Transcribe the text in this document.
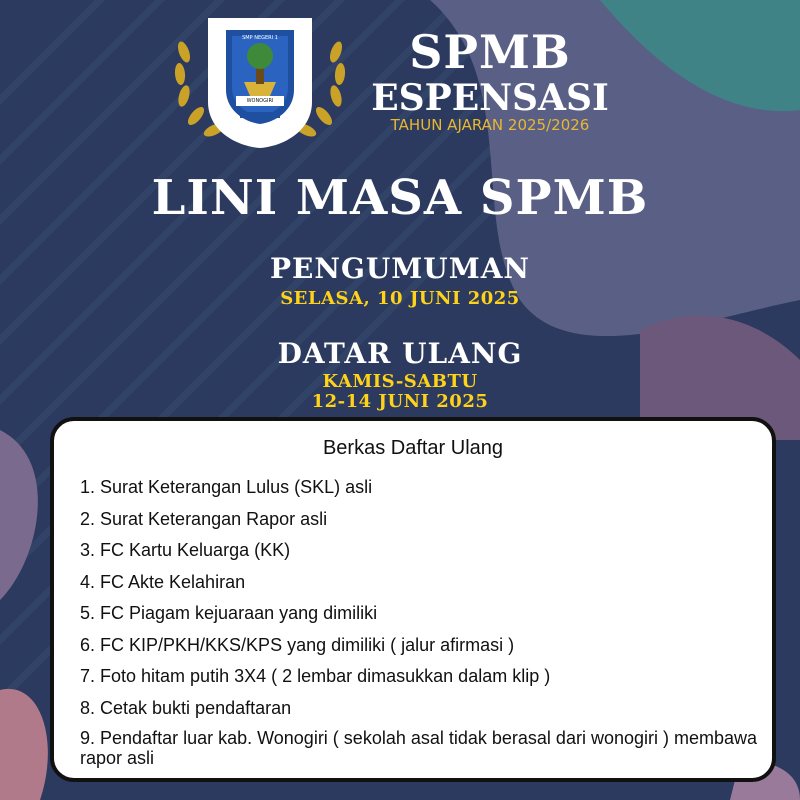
SMP NEGERI 1
WONOGIRI
SPMB
ESPENSASI
TAHUN AJARAN 2025/2026
LINI MASA SPMB
PENGUMUMAN
SELASA, 10 JUNI 2025
DATAR ULANG
KAMIS-SABTU
12-14 JUNI 2025
Berkas Daftar Ulang
1. Surat Keterangan Lulus (SKL) asli
2. Surat Keterangan Rapor asli
3. FC Kartu Keluarga (KK)
4. FC Akte Kelahiran
5. FC Piagam kejuaraan yang dimiliki
6. FC KIP/PKH/KKS/KPS yang dimiliki ( jalur afirmasi )
7. Foto hitam putih 3X4 ( 2 lembar dimasukkan dalam klip )
8. Cetak bukti pendaftaran
9. Pendaftar luar kab. Wonogiri ( sekolah asal tidak berasal dari wonogiri ) membawa rapor asli
